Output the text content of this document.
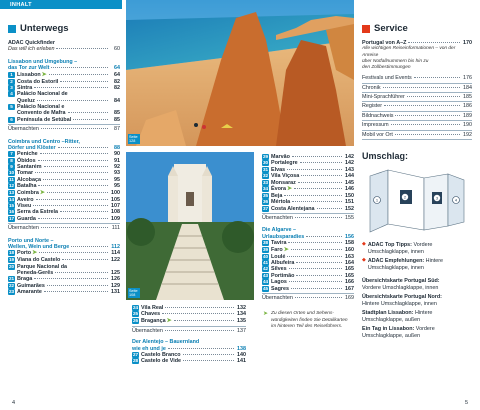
INHALT
Seite 128
Seite 108
Unterwegs
ADAC Quickfinder
Das will ich erleben	60
Lissabon und Umgebung –
das Tor zur Welt	64
1 Lissabon➤	64
2 Costa do Estoril	82
3 Sintra	82
4 Palácio Nacional de
Queluz	84
5 Palácio Nacional e
Convento de Mafra	85
6 Península de Setúbal	85
Übernachten	87
Coimbra und Centro –Ritter,
Dörfer und Klöster	88
7 Peniche	90
8 Óbidos	91
9 Santarém	92
10 Tomar	93
11 Alcobaça	95
12 Batalha	95
13 Coimbra➤	100
14 Aveiro	105
15 Viseu	107
16 Serra da Estrela	108
17 Guarda	109
Übernachten	111
Porto und Norte –
Wellen, Wein und Berge	112
18 Porto➤	114
19 Viana do Castelo	122
20 Parque Nacional da
Peneda-Gerês	125
21 Braga	126
22 Guimarães	129
23 Amarante	131
24 Vila Real	132
25 Chaves	134
26 Bragança➤	135
Übernachten	137
Der Alentejo – Bauernland
wie eh und je	138
27 Castelo Branco	140
28 Castelo de Vide	141
29 Marvão	142
30 Portalegre	142
31 Elvas	143
32 Vila Viçosa	144
33 Monsaraz	145
34 Évora➤	146
35 Beja	150
36 Mértola	151
37 Costa Alentejana	152
Übernachten	155
Die Algarve –
Urlaubsparadies	156
38 Tavira	158
39 Faro➤	160
40 Loulé	163
41 Albufeira	164
42 Silves	165
43 Portimão	165
44 Lagos	166
45 Sagres	167
Übernachten	169
➤ Zu diesen Orten und Sehens-
würdigkeiten finden Sie Detailkarten
im hinteren Teil des Reiseführers.
Service
Portugal von A–Z	170
Alle wichtigen Reiseinformationen – von der Anreise
über Notfallnummern bis hin zu
den Zollbestimmungen
Festivals und Events	176
Chronik	184
Mini-Sprachführer	185
Register	186
Bildnachweis	189
Impressum	190
Mobil vor Ort	192
Umschlag:
1
2	3	4
◆ ADAC Top Tipps: Vordere
Umschlagklappe, innen
◆ ADAC Empfehlungen: Hintere
Umschlagklappe, innen
Übersichtskarte Portugal Süd:
Vordere Umschlagklappe, innen
Übersichtskarte Portugal Nord:
Hintere Umschlagklappe, innen
Stadtplan Lissabon: Hintere
Umschlagklappe, außen
Ein Tag in Lissabon: Vordere
Umschlagklappe, außen
4	5
